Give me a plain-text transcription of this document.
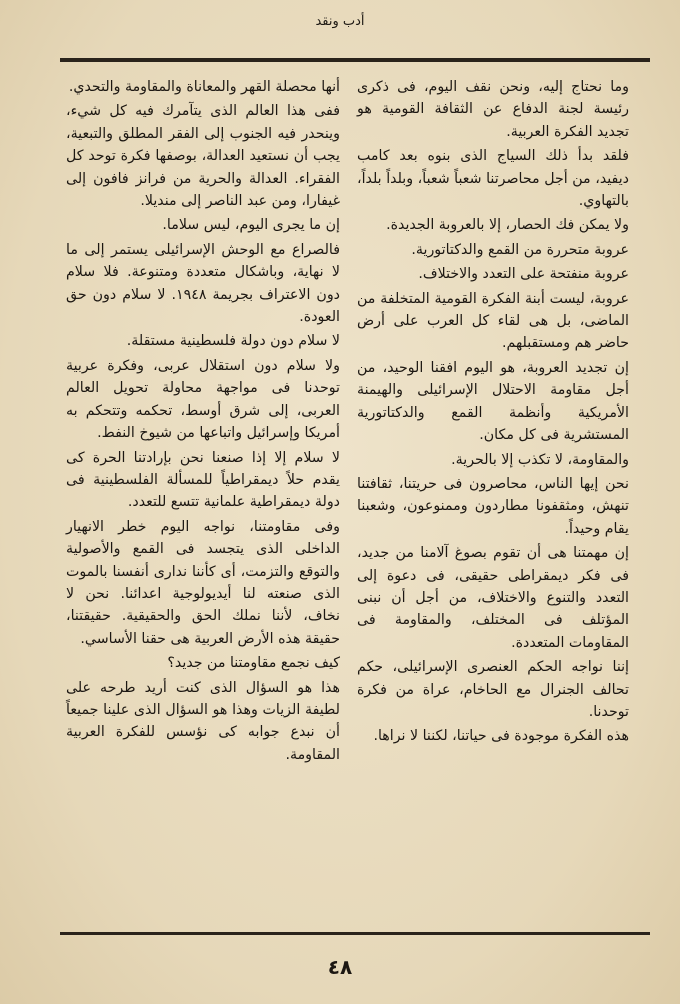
أدب ونقد

وما نحتاج إليه، ونحن نقف اليوم، فى ذكرى رئيسة لجنة الدفاع عن الثقافة القومية هو تجديد الفكرة العربية.

فلقد بدأ ذلك السياج الذى بنوه بعد كامب ديفيد، من أجل محاصرتنا شعباً شعباً، وبلداً بلداً، بالتهاوي.

ولا يمكن فك الحصار، إلا بالعروبة الجديدة.

عروبة متحررة من القمع والدكتاتورية.

عروبة منفتحة على التعدد والاختلاف.

عروبة، ليست أبنة الفكرة القومية المتخلفة من الماضى، بل هى لقاء كل العرب على أرض حاضر هم ومستقبلهم.

إن تجديد العروبة، هو اليوم افقنا الوحيد، من أجل مقاومة الاحتلال الإسرائيلى والهيمنة الأمريكية وأنظمة القمع والدكتاتورية المستشرية فى كل مكان.

والمقاومة، لا تكذب إلا بالحرية.

نحن إيها الناس، محاصرون فى حريتنا، ثقافتنا تنهش، ومثقفونا مطاردون وممنوعون، وشعبنا يقام وحيداً.

إن مهمتنا هى أن تقوم بصوغ آلامنا من جديد، فى فكر ديمقراطى حقيقى، فى دعوة إلى التعدد والتنوع والاختلاف، من أجل أن نبنى المؤتلف فى المختلف، والمقاومة فى المقاومات المتعددة.

إننا نواجه الحكم العنصرى الإسرائيلى، حكم تحالف الجنرال مع الحاخام، عراة من فكرة توحدنا.

هذه الفكرة موجودة فى حياتنا، لكننا لا نراها.

أنها محصلة القهر والمعاناة والمقاومة والتحدي.

ففى هذا العالم الذى يتآمرك فيه كل شيء، وينحدر فيه الجنوب إلى الفقر المطلق والتبعية، يجب أن نستعيد العدالة، بوصفها فكرة توحد كل الفقراء. العدالة والحرية من فرانز فافون إلى غيفارا، ومن عبد الناصر إلى منديلا.

إن ما يجرى اليوم، ليس سلاما.

فالصراع مع الوحش الإسرائيلى يستمر إلى ما لا نهاية، وباشكال متعددة ومتنوعة. فلا سلام دون الاعتراف بجريمة ١٩٤٨. لا سلام دون حق العودة.

لا سلام دون دولة فلسطينية مستقلة.

ولا سلام دون استقلال عربى، وفكرة عربية توحدنا فى مواجهة محاولة تحويل العالم العربى، إلى شرق أوسط، تحكمه وتتحكم به أمريكا وإسرائيل واتباعها من شيوخ النفط.

لا سلام إلا إذا صنعنا نحن بإرادتنا الحرة كى يقدم حلاً ديمقراطياً للمسألة الفلسطينية فى دولة ديمقراطية علمانية تتسع للتعدد.

وفى مقاومتنا، نواجه اليوم خطر الانهيار الداخلى الذى يتجسد فى القمع والأصولية والتوقع والتزمت، أى كأننا ندارى أنفسنا بالموت الذى صنعته لنا أيديولوجية اعدائنا. نحن لا نخاف، لأننا نملك الحق والحقيقية. حقيقتنا، حقيقة هذه الأرض العربية هى حقنا الأساسي.

كيف نجمع مقاومتنا من جديد؟

هذا هو السؤال الذى كنت أريد طرحه على لطيفة الزيات وهذا هو السؤال الذى علينا جميعاً أن نبدع جوابه كى نؤسس للفكرة العربية المقاومة.

٤٨
